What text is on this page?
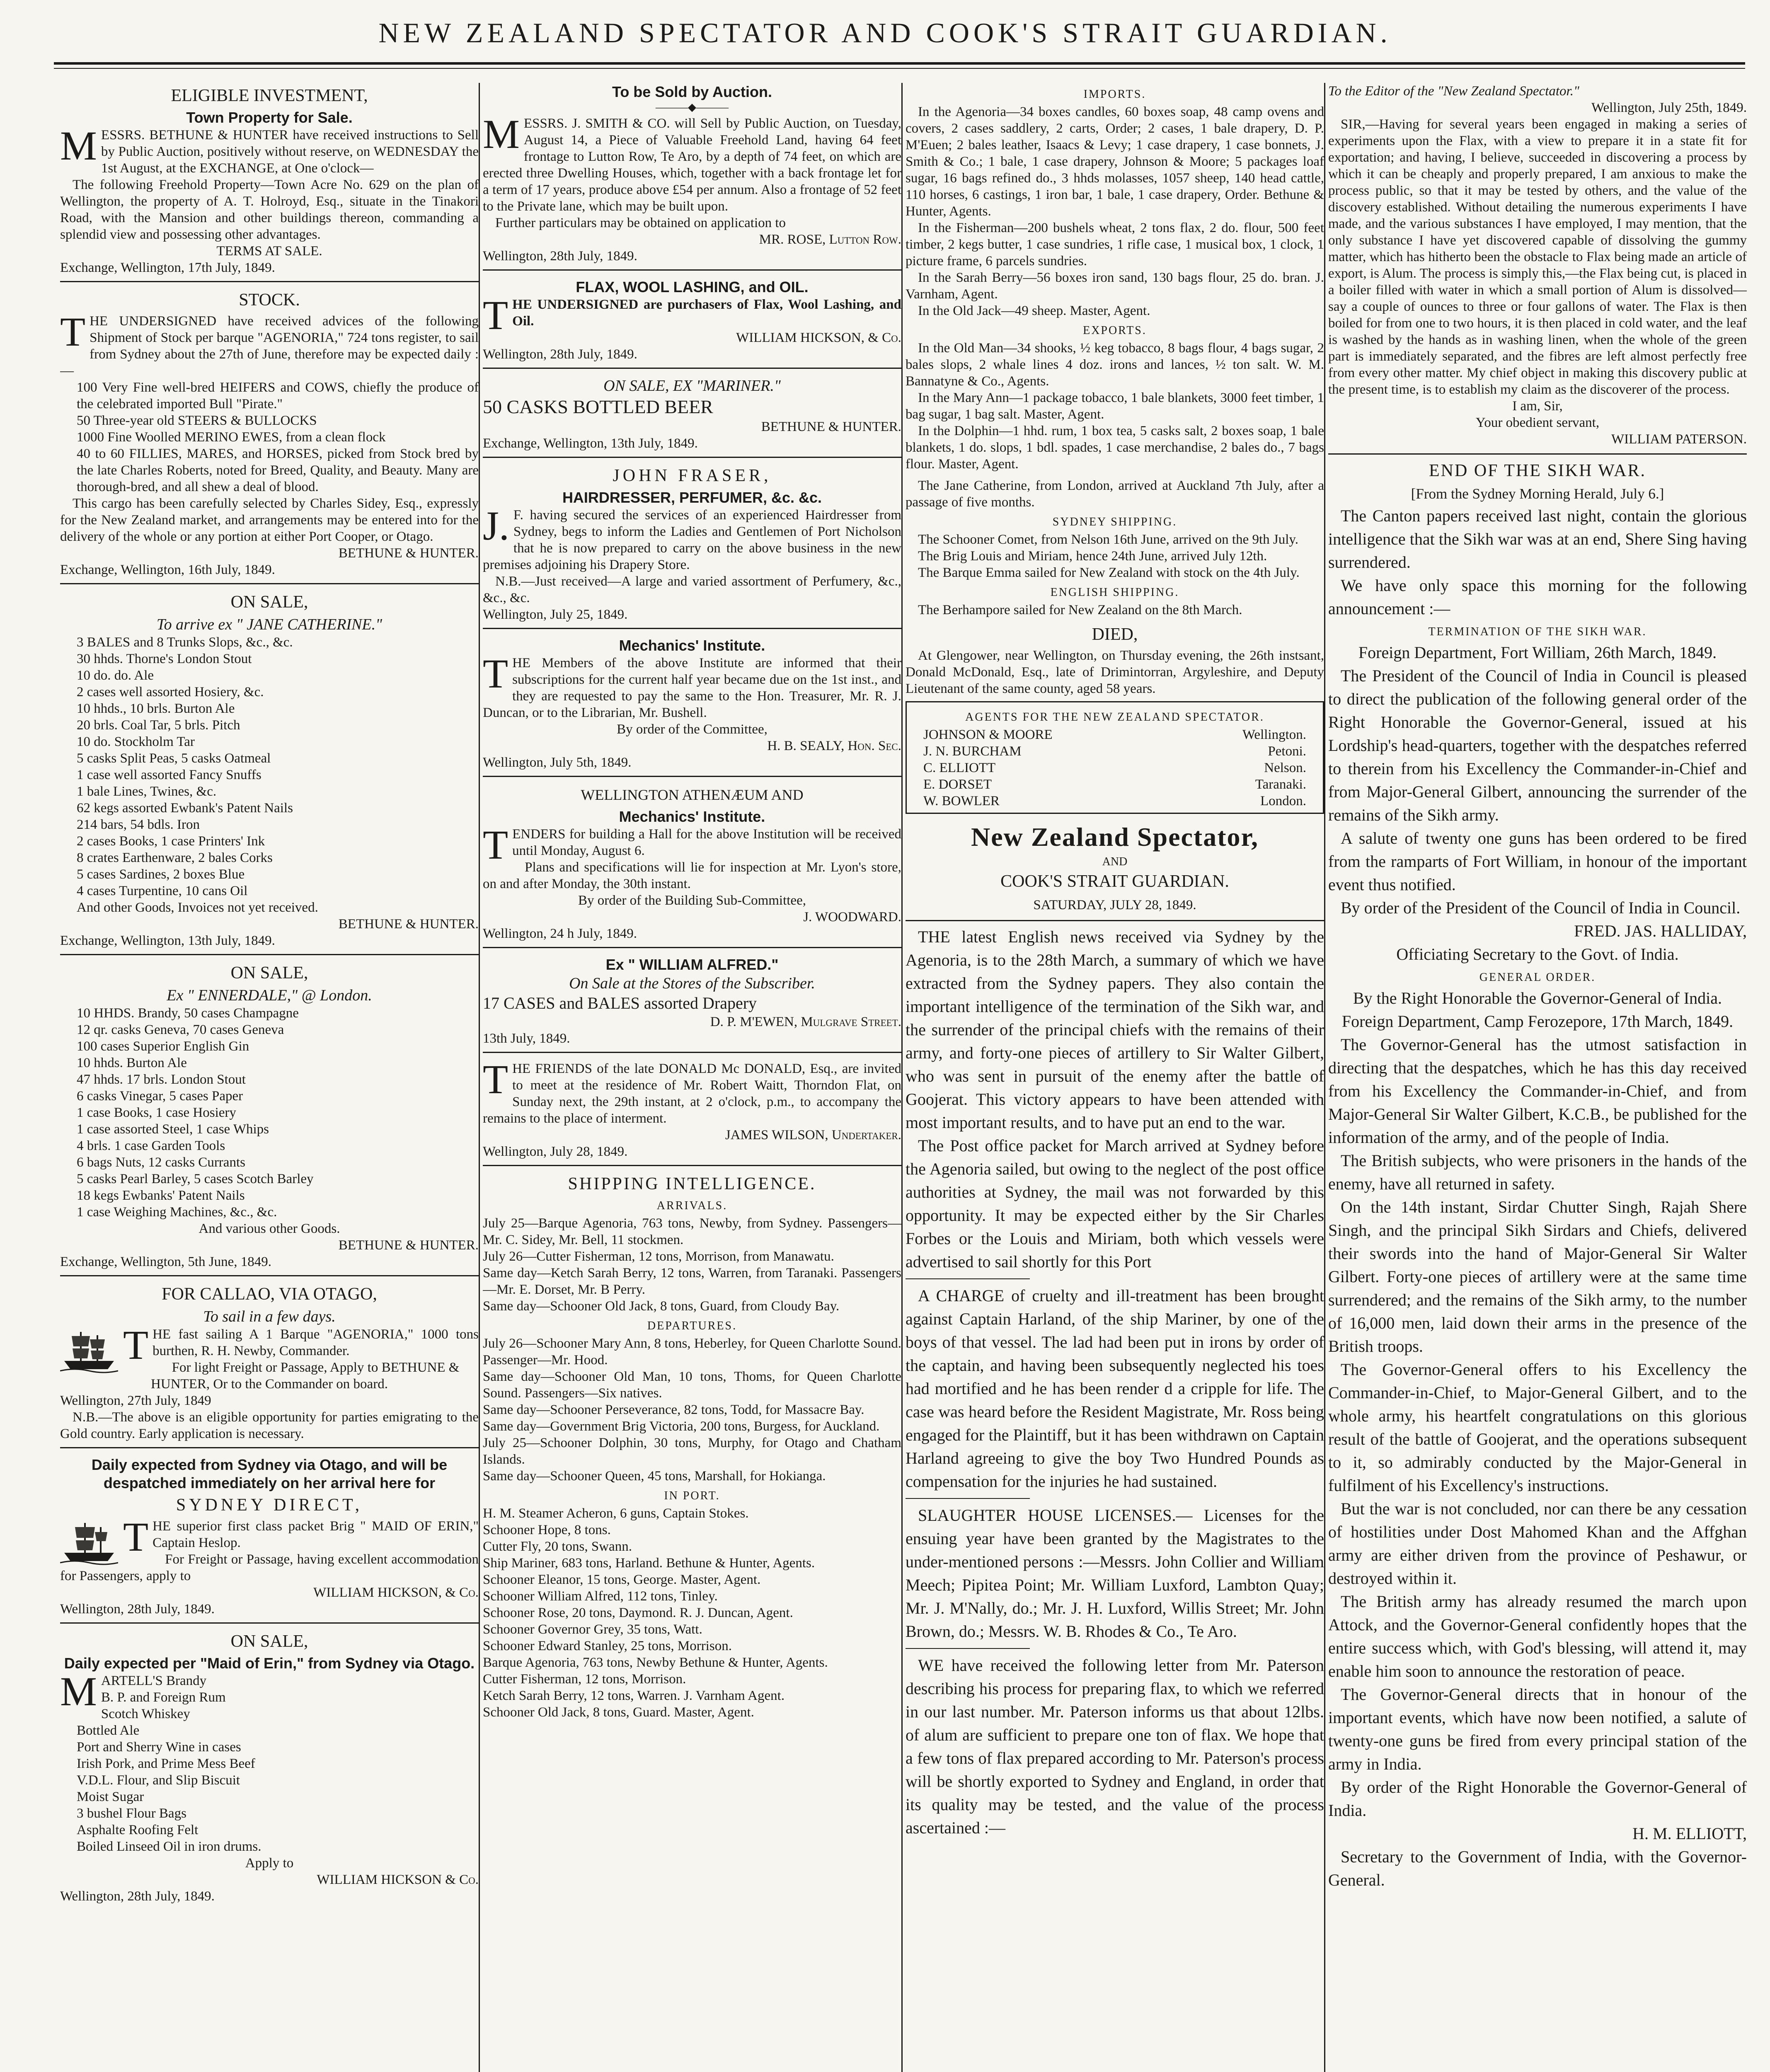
NEW ZEALAND SPECTATOR AND COOK'S STRAIT GUARDIAN.
ELIGIBLE INVESTMENT,
Town Property for Sale.

MESSRS. BETHUNE & HUNTER have received instructions to Sell by Public Auction, positively without reserve, on WEDNESDAY the 1st August, at the EXCHANGE, at One o'clock—

The following Freehold Property—Town Acre No. 629 on the plan of Wellington, the property of A. T. Holroyd, Esq., situate in the Tinakori Road, with the Mansion and other buildings thereon, commanding a splendid view and possessing other advantages.

TERMS AT SALE.

Exchange, Wellington, 17th July, 1849.

STOCK.

THE UNDERSIGNED have received advices of the following Shipment of Stock per barque "AGENORIA," 724 tons register, to sail from Sydney about the 27th of June, therefore may be expected daily :—

100 Very Fine well-bred HEIFERS and COWS, chiefly the produce of the celebrated imported Bull "Pirate."

50 Three-year old STEERS & BULLOCKS

1000 Fine Woolled MERINO EWES, from a clean flock

40 to 60 FILLIES, MARES, and HORSES, picked from Stock bred by the late Charles Roberts, noted for Breed, Quality, and Beauty. Many are thorough-bred, and all shew a deal of blood.

This cargo has been carefully selected by Charles Sidey, Esq., expressly for the New Zealand market, and arrangements may be entered into for the delivery of the whole or any portion at either Port Cooper, or Otago.

BETHUNE & HUNTER.

Exchange, Wellington, 16th July, 1849.

ON SALE,
To arrive ex " JANE CATHERINE."

3 BALES and 8 Trunks Slops, &c., &c.

30 hhds. Thorne's London Stout

10 do. do. Ale

2 cases well assorted Hosiery, &c.

10 hhds., 10 brls. Burton Ale

20 brls. Coal Tar, 5 brls. Pitch

10 do. Stockholm Tar

5 casks Split Peas, 5 casks Oatmeal

1 case well assorted Fancy Snuffs

1 bale Lines, Twines, &c.

62 kegs assorted Ewbank's Patent Nails

214 bars, 54 bdls. Iron

2 cases Books, 1 case Printers' Ink

8 crates Earthenware, 2 bales Corks

5 cases Sardines, 2 boxes Blue

4 cases Turpentine, 10 cans Oil

And other Goods, Invoices not yet received.

BETHUNE & HUNTER.

Exchange, Wellington, 13th July, 1849.

ON SALE,
Ex " ENNERDALE," @ London.

10 HHDS. Brandy, 50 cases Champagne

12 qr. casks Geneva, 70 cases Geneva

100 cases Superior English Gin

10 hhds. Burton Ale

47 hhds. 17 brls. London Stout

6 casks Vinegar, 5 cases Paper

1 case Books, 1 case Hosiery

1 case assorted Steel, 1 case Whips

4 brls. 1 case Garden Tools

6 bags Nuts, 12 casks Currants

5 casks Pearl Barley, 5 cases Scotch Barley

18 kegs Ewbanks' Patent Nails

1 case Weighing Machines, &c., &c.

And various other Goods.

BETHUNE & HUNTER.

Exchange, Wellington, 5th June, 1849.

FOR CALLAO, VIA OTAGO,
To sail in a few days.

THE fast sailing A 1 Barque "AGENORIA," 1000 tons burthen, R. H. Newby, Commander.

For light Freight or Passage, Apply to BETHUNE & HUNTER, Or to the Commander on board.

Wellington, 27th July, 1849

N.B.—The above is an eligible opportunity for parties emigrating to the Gold country. Early application is necessary.

Daily expected from Sydney via Otago, and will be despatched immediately on her arrival here for
SYDNEY DIRECT,

THE superior first class packet Brig " MAID OF ERIN," Captain Heslop.

For Freight or Passage, having excellent accommodation for Passengers, apply to

WILLIAM HICKSON, & Co.

Wellington, 28th July, 1849.

ON SALE,
Daily expected per "Maid of Erin," from Sydney via Otago.

MARTELL'S Brandy

B. P. and Foreign Rum

Scotch Whiskey

Bottled Ale

Port and Sherry Wine in cases

Irish Pork, and Prime Mess Beef

V.D.L. Flour, and Slip Biscuit

Moist Sugar

3 bushel Flour Bags

Asphalte Roofing Felt

Boiled Linseed Oil in iron drums.

Apply to

WILLIAM HICKSON & Co.

Wellington, 28th July, 1849.

To be Sold by Auction.
———◆———

MESSRS. J. SMITH & CO. will Sell by Public Auction, on Tuesday, August 14, a Piece of Valuable Freehold Land, having 64 feet frontage to Lutton Row, Te Aro, by a depth of 74 feet, on which are erected three Dwelling Houses, which, together with a back frontage let for a term of 17 years, produce above £54 per annum. Also a frontage of 52 feet to the Private lane, which may be built upon.

Further particulars may be obtained on application to

MR. ROSE, Lutton Row.

Wellington, 28th July, 1849.

FLAX, WOOL LASHING, and OIL.

THE UNDERSIGNED are purchasers of Flax, Wool Lashing, and Oil.

WILLIAM HICKSON, & Co.

Wellington, 28th July, 1849.

ON SALE, EX "MARINER."

50 CASKS BOTTLED BEER

BETHUNE & HUNTER.

Exchange, Wellington, 13th July, 1849.

JOHN FRASER,
HAIRDRESSER, PERFUMER, &c. &c.

J. F. having secured the services of an experienced Hairdresser from Sydney, begs to inform the Ladies and Gentlemen of Port Nicholson that he is now prepared to carry on the above business in the new premises adjoining his Drapery Store.

N.B.—Just received—A large and varied assortment of Perfumery, &c., &c., &c.

Wellington, July 25, 1849.

Mechanics' Institute.

THE Members of the above Institute are informed that their subscriptions for the current half year became due on the 1st inst., and they are requested to pay the same to the Hon. Treasurer, Mr. R. J. Duncan, or to the Librarian, Mr. Bushell.

By order of the Committee,

H. B. SEALY, Hon. Sec.

Wellington, July 5th, 1849.

WELLINGTON ATHENÆUM AND
Mechanics' Institute.

TENDERS for building a Hall for the above Institution will be received until Monday, August 6.

Plans and specifications will lie for inspection at Mr. Lyon's store, on and after Monday, the 30th instant.

By order of the Building Sub-Committee,

J. WOODWARD.

Wellington, 24 h July, 1849.

Ex " WILLIAM ALFRED."
On Sale at the Stores of the Subscriber.

17 CASES and BALES assorted Drapery

D. P. M'EWEN, Mulgrave Street.

13th July, 1849.

THE FRIENDS of the late DONALD Mc DONALD, Esq., are invited to meet at the residence of Mr. Robert Waitt, Thorndon Flat, on Sunday next, the 29th instant, at 2 o'clock, p.m., to accompany the remains to the place of interment.

JAMES WILSON, Undertaker.

Wellington, July 28, 1849.

SHIPPING INTELLIGENCE.
ARRIVALS.

July 25—Barque Agenoria, 763 tons, Newby, from Sydney. Passengers—Mr. C. Sidey, Mr. Bell, 11 stockmen.

July 26—Cutter Fisherman, 12 tons, Morrison, from Manawatu.

Same day—Ketch Sarah Berry, 12 tons, Warren, from Taranaki. Passengers—Mr. E. Dorset, Mr. B Perry.

Same day—Schooner Old Jack, 8 tons, Guard, from Cloudy Bay.

DEPARTURES.

July 26—Schooner Mary Ann, 8 tons, Heberley, for Queen Charlotte Sound. Passenger—Mr. Hood.

Same day—Schooner Old Man, 10 tons, Thoms, for Queen Charlotte Sound. Passengers—Six natives.

Same day—Schooner Perseverance, 82 tons, Todd, for Massacre Bay.

Same day—Government Brig Victoria, 200 tons, Burgess, for Auckland.

July 25—Schooner Dolphin, 30 tons, Murphy, for Otago and Chatham Islands.

Same day—Schooner Queen, 45 tons, Marshall, for Hokianga.

IN PORT.

H. M. Steamer Acheron, 6 guns, Captain Stokes.

Schooner Hope, 8 tons.

Cutter Fly, 20 tons, Swann.

Ship Mariner, 683 tons, Harland. Bethune & Hunter, Agents.

Schooner Eleanor, 15 tons, George. Master, Agent.

Schooner William Alfred, 112 tons, Tinley.

Schooner Rose, 20 tons, Daymond. R. J. Duncan, Agent.

Schooner Governor Grey, 35 tons, Watt.

Schooner Edward Stanley, 25 tons, Morrison.

Barque Agenoria, 763 tons, Newby Bethune & Hunter, Agents.

Cutter Fisherman, 12 tons, Morrison.

Ketch Sarah Berry, 12 tons, Warren. J. Varnham Agent.

Schooner Old Jack, 8 tons, Guard. Master, Agent.

IMPORTS.

In the Agenoria—34 boxes candles, 60 boxes soap, 48 camp ovens and covers, 2 cases saddlery, 2 carts, Order; 2 cases, 1 bale drapery, D. P. M'Euen; 2 bales leather, Isaacs & Levy; 1 case drapery, 1 case bonnets, J. Smith & Co.; 1 bale, 1 case drapery, Johnson & Moore; 5 packages loaf sugar, 16 bags refined do., 3 hhds molasses, 1057 sheep, 140 head cattle, 110 horses, 6 castings, 1 iron bar, 1 bale, 1 case drapery, Order. Bethune & Hunter, Agents.

In the Fisherman—200 bushels wheat, 2 tons flax, 2 do. flour, 500 feet timber, 2 kegs butter, 1 case sundries, 1 rifle case, 1 musical box, 1 clock, 1 picture frame, 6 parcels sundries.

In the Sarah Berry—56 boxes iron sand, 130 bags flour, 25 do. bran. J. Varnham, Agent.

In the Old Jack—49 sheep. Master, Agent.

EXPORTS.

In the Old Man—34 shooks, ½ keg tobacco, 8 bags flour, 4 bags sugar, 2 bales slops, 2 whale lines 4 doz. irons and lances, ½ ton salt. W. M. Bannatyne & Co., Agents.

In the Mary Ann—1 package tobacco, 1 bale blankets, 3000 feet timber, 1 bag sugar, 1 bag salt. Master, Agent.

In the Dolphin—1 hhd. rum, 1 box tea, 5 casks salt, 2 boxes soap, 1 bale blankets, 1 do. slops, 1 bdl. spades, 1 case merchandise, 2 bales do., 7 bags flour. Master, Agent.

The Jane Catherine, from London, arrived at Auckland 7th July, after a passage of five months.

SYDNEY SHIPPING.

The Schooner Comet, from Nelson 16th June, arrived on the 9th July.

The Brig Louis and Miriam, hence 24th June, arrived July 12th.

The Barque Emma sailed for New Zealand with stock on the 4th July.

ENGLISH SHIPPING.

The Berhampore sailed for New Zealand on the 8th March.

DIED,

At Glengower, near Wellington, on Thursday evening, the 26th instsant, Donald McDonald, Esq., late of Drimintorran, Argyleshire, and Deputy Lieutenant of the same county, aged 58 years.

AGENTS FOR THE NEW ZEALAND SPECTATOR.
JOHNSON & MOORE	Wellington.
J. N. BURCHAM	Petoni.
C. ELLIOTT	Nelson.
E. DORSET	Taranaki.
W. BOWLER	London.
New Zealand Spectator,
AND
COOK'S STRAIT GUARDIAN.
SATURDAY, JULY 28, 1849.

THE latest English news received via Sydney by the Agenoria, is to the 28th March, a summary of which we have extracted from the Sydney papers. They also contain the important intelligence of the termination of the Sikh war, and the surrender of the principal chiefs with the remains of their army, and forty-one pieces of artillery to Sir Walter Gilbert, who was sent in pursuit of the enemy after the battle of Goojerat. This victory appears to have been attended with most important results, and to have put an end to the war.

The Post office packet for March arrived at Sydney before the Agenoria sailed, but owing to the neglect of the post office authorities at Sydney, the mail was not forwarded by this opportunity. It may be expected either by the Sir Charles Forbes or the Louis and Miriam, both which vessels were advertised to sail shortly for this Port

A CHARGE of cruelty and ill-treatment has been brought against Captain Harland, of the ship Mariner, by one of the boys of that vessel. The lad had been put in irons by order of the captain, and having been subsequently neglected his toes had mortified and he has been render d a cripple for life. The case was heard before the Resident Magistrate, Mr. Ross being engaged for the Plaintiff, but it has been withdrawn on Captain Harland agreeing to give the boy Two Hundred Pounds as compensation for the injuries he had sustained.

SLAUGHTER HOUSE LICENSES.— Licenses for the ensuing year have been granted by the Magistrates to the under-mentioned persons :—Messrs. John Collier and William Meech; Pipitea Point; Mr. William Luxford, Lambton Quay; Mr. J. M'Nally, do.; Mr. J. H. Luxford, Willis Street; Mr. John Brown, do.; Messrs. W. B. Rhodes & Co., Te Aro.

WE have received the following letter from Mr. Paterson describing his process for preparing flax, to which we referred in our last number. Mr. Paterson informs us that about 12lbs. of alum are sufficient to prepare one ton of flax. We hope that a few tons of flax prepared according to Mr. Paterson's process will be shortly exported to Sydney and England, in order that its quality may be tested, and the value of the process ascertained :—

To the Editor of the "New Zealand Spectator."

Wellington, July 25th, 1849.

SIR,—Having for several years been engaged in making a series of experiments upon the Flax, with a view to prepare it in a state fit for exportation; and having, I believe, succeeded in discovering a process by which it can be cheaply and properly prepared, I am anxious to make the process public, so that it may be tested by others, and the value of the discovery established. Without detailing the numerous experiments I have made, and the various substances I have employed, I may mention, that the only substance I have yet discovered capable of dissolving the gummy matter, which has hitherto been the obstacle to Flax being made an article of export, is Alum. The process is simply this,—the Flax being cut, is placed in a boiler filled with water in which a small portion of Alum is dissolved—say a couple of ounces to three or four gallons of water. The Flax is then boiled for from one to two hours, it is then placed in cold water, and the leaf is washed by the hands as in washing linen, when the whole of the green part is immediately separated, and the fibres are left almost perfectly free from every other matter. My chief object in making this discovery public at the present time, is to establish my claim as the discoverer of the process.

I am, Sir,

Your obedient servant,

WILLIAM PATERSON.

END OF THE SIKH WAR.

[From the Sydney Morning Herald, July 6.]

The Canton papers received last night, contain the glorious intelligence that the Sikh war was at an end, Shere Sing having surrendered.

We have only space this morning for the following announcement :—

TERMINATION OF THE SIKH WAR.

Foreign Department, Fort William, 26th March, 1849.

The President of the Council of India in Council is pleased to direct the publication of the following general order of the Right Honorable the Governor-General, issued at his Lordship's head-quarters, together with the despatches referred to therein from his Excellency the Commander-in-Chief and from Major-General Gilbert, announcing the surrender of the remains of the Sikh army.

A salute of twenty one guns has been ordered to be fired from the ramparts of Fort William, in honour of the important event thus notified.

By order of the President of the Council of India in Council.

FRED. JAS. HALLIDAY,

Officiating Secretary to the Govt. of India.

GENERAL ORDER.

By the Right Honorable the Governor-General of India.

Foreign Department, Camp Ferozepore, 17th March, 1849.

The Governor-General has the utmost satisfaction in directing that the despatches, which he has this day received from his Excellency the Commander-in-Chief, and from Major-General Sir Walter Gilbert, K.C.B., be published for the information of the army, and of the people of India.

The British subjects, who were prisoners in the hands of the enemy, have all returned in safety.

On the 14th instant, Sirdar Chutter Singh, Rajah Shere Singh, and the principal Sikh Sirdars and Chiefs, delivered their swords into the hand of Major-General Sir Walter Gilbert. Forty-one pieces of artillery were at the same time surrendered; and the remains of the Sikh army, to the number of 16,000 men, laid down their arms in the presence of the British troops.

The Governor-General offers to his Excellency the Commander-in-Chief, to Major-General Gilbert, and to the whole army, his heartfelt congratulations on this glorious result of the battle of Goojerat, and the operations subsequent to it, so admirably conducted by the Major-General in fulfilment of his Excellency's instructions.

But the war is not concluded, nor can there be any cessation of hostilities under Dost Mahomed Khan and the Affghan army are either driven from the province of Peshawur, or destroyed within it.

The British army has already resumed the march upon Attock, and the Governor-General confidently hopes that the entire success which, with God's blessing, will attend it, may enable him soon to announce the restoration of peace.

The Governor-General directs that in honour of the important events, which have now been notified, a salute of twenty-one guns be fired from every principal station of the army in India.

By order of the Right Honorable the Governor-General of India.

H. M. ELLIOTT,

Secretary to the Government of India, with the Governor-General.
